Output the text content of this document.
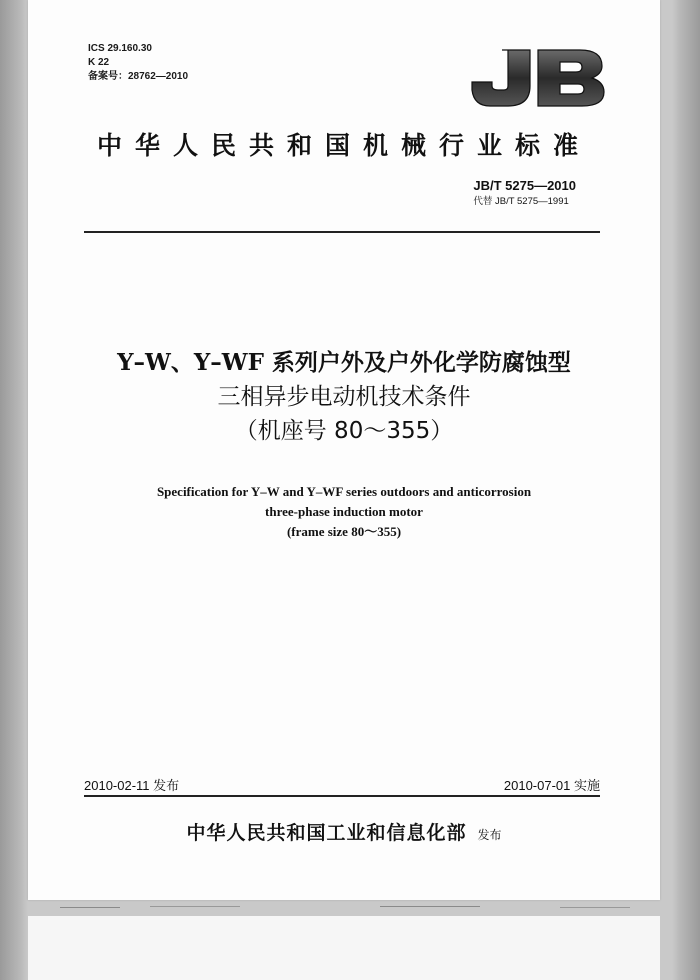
ICS 29.160.30
K 22
备案号：28762—2010
中华人民共和国机械行业标准
JB/T 5275—2010
代替 JB/T 5275—1991
Y–W、Y–WF 系列户外及户外化学防腐蚀型
三相异步电动机技术条件
（机座号 80～355）
Specification for Y–W and Y–WF series outdoors and anticorrosion
three-phase induction motor
(frame size 80～355)
2010-02-11 发布	2010-07-01 实施
中华人民共和国工业和信息化部 发布
